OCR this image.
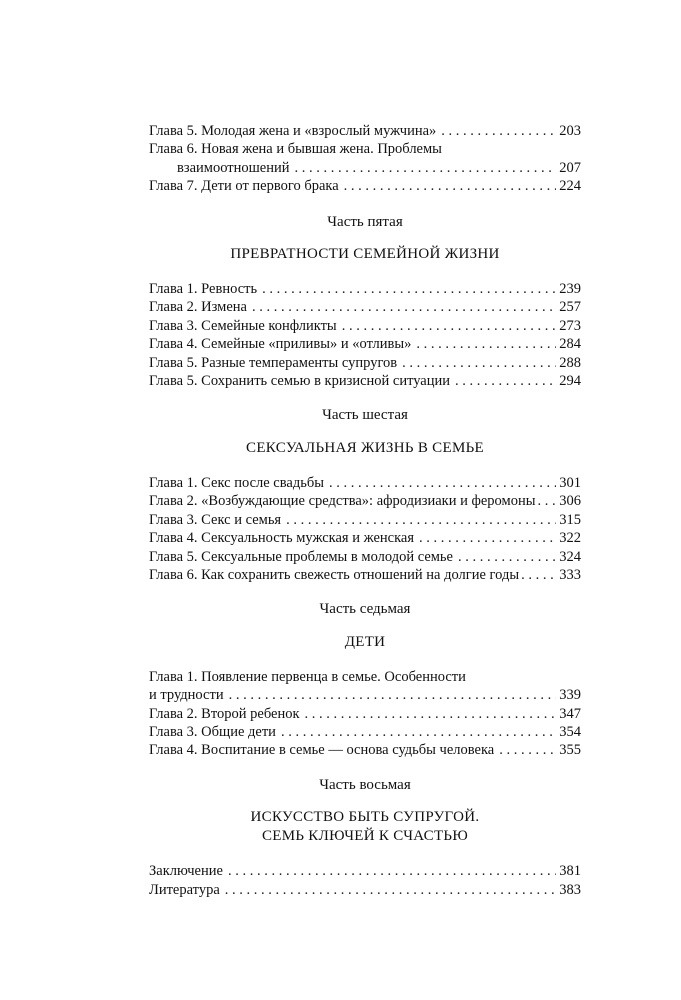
Глава 5. Молодая жена и «взрослый мужчина» . . .	203
Глава 6. Новая жена и бывшая жена. Проблемы
взаимоотношений . . .	207
Глава 7. Дети от первого брака . . .	224
Часть пятая
ПРЕВРАТНОСТИ СЕМЕЙНОЙ ЖИЗНИ
Глава 1. Ревность . . .	239
Глава 2. Измена . . .	257
Глава 3. Семейные конфликты . . .	273
Глава 4. Семейные «приливы» и «отливы» . . .	284
Глава 5. Разные темпераменты супругов . . .	288
Глава 5. Сохранить семью в кризисной ситуации . . .	294
Часть шестая
СЕКСУАЛЬНАЯ ЖИЗНЬ В СЕМЬЕ
Глава 1. Секс после свадьбы . . .	301
Глава 2. «Возбуждающие средства»: афродизиаки и феромоны . . . 306
Глава 3. Секс и семья . . .	315
Глава 4. Сексуальность мужская и женская . . .	322
Глава 5. Сексуальные проблемы в молодой семье . . .	324
Глава 6. Как сохранить свежесть отношений на долгие годы . . .	333
Часть седьмая
ДЕТИ
Глава 1. Появление первенца в семье. Особенности
и трудности . . .	339
Глава 2. Второй ребенок . . .	347
Глава 3. Общие дети . . .	354
Глава 4. Воспитание в семье — основа судьбы человека . . .	355
Часть восьмая
ИСКУССТВО БЫТЬ СУПРУГОЙ.
СЕМЬ КЛЮЧЕЙ К СЧАСТЬЮ
Заключение . . .	381
Литература . . .	383
